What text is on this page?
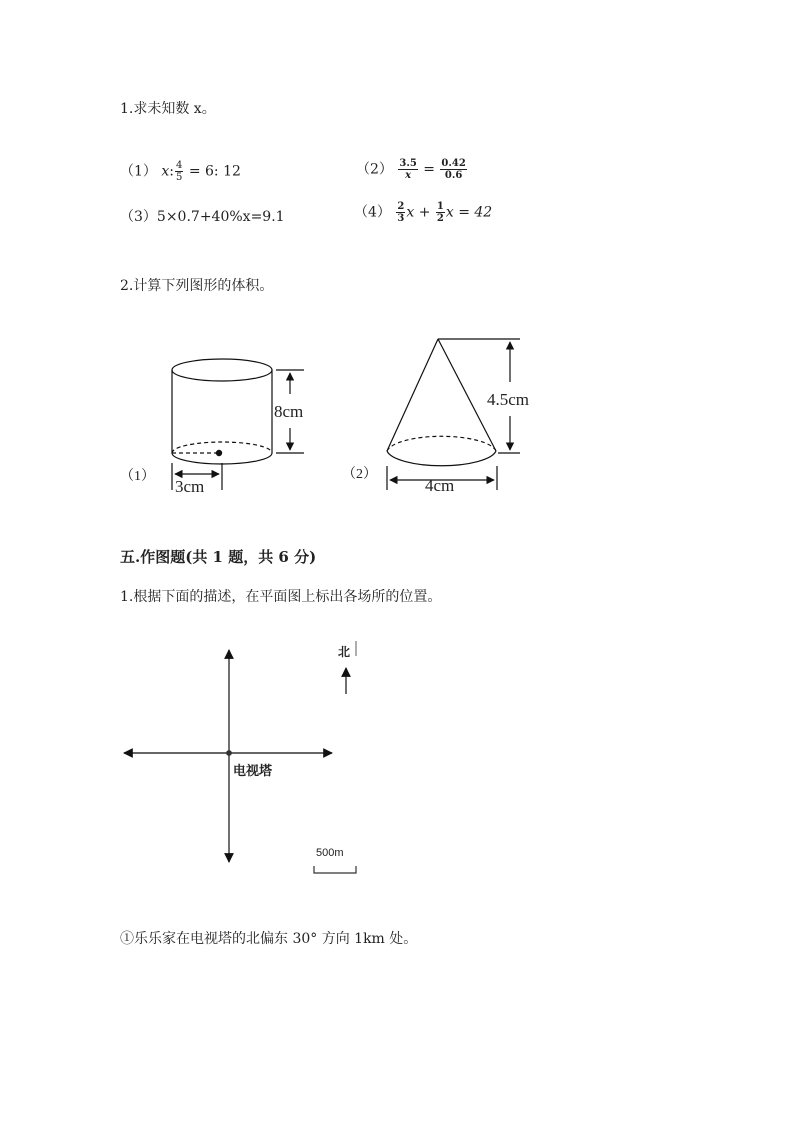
1.求未知数 x。
（1） x: $\frac{4}{5} = 6$: 12	$(2) \frac{3.5}{x} = \frac{0.42}{0.6}$
（3）5×0.7+40%x=9.1	$(4) \frac{2}{3}$ $x + \frac{1}{2}$ x = 42
2.计算下列图形的体积。
（1）
8cm
3cm
（2）
4.5cm
4cm
五.作图题(共 1 题，共 6 分)
1.根据下面的描述，在平面图上标出各场所的位置。
北
电视塔
500m
①乐乐家在电视塔的北偏东 30° 方向 1km 处。
